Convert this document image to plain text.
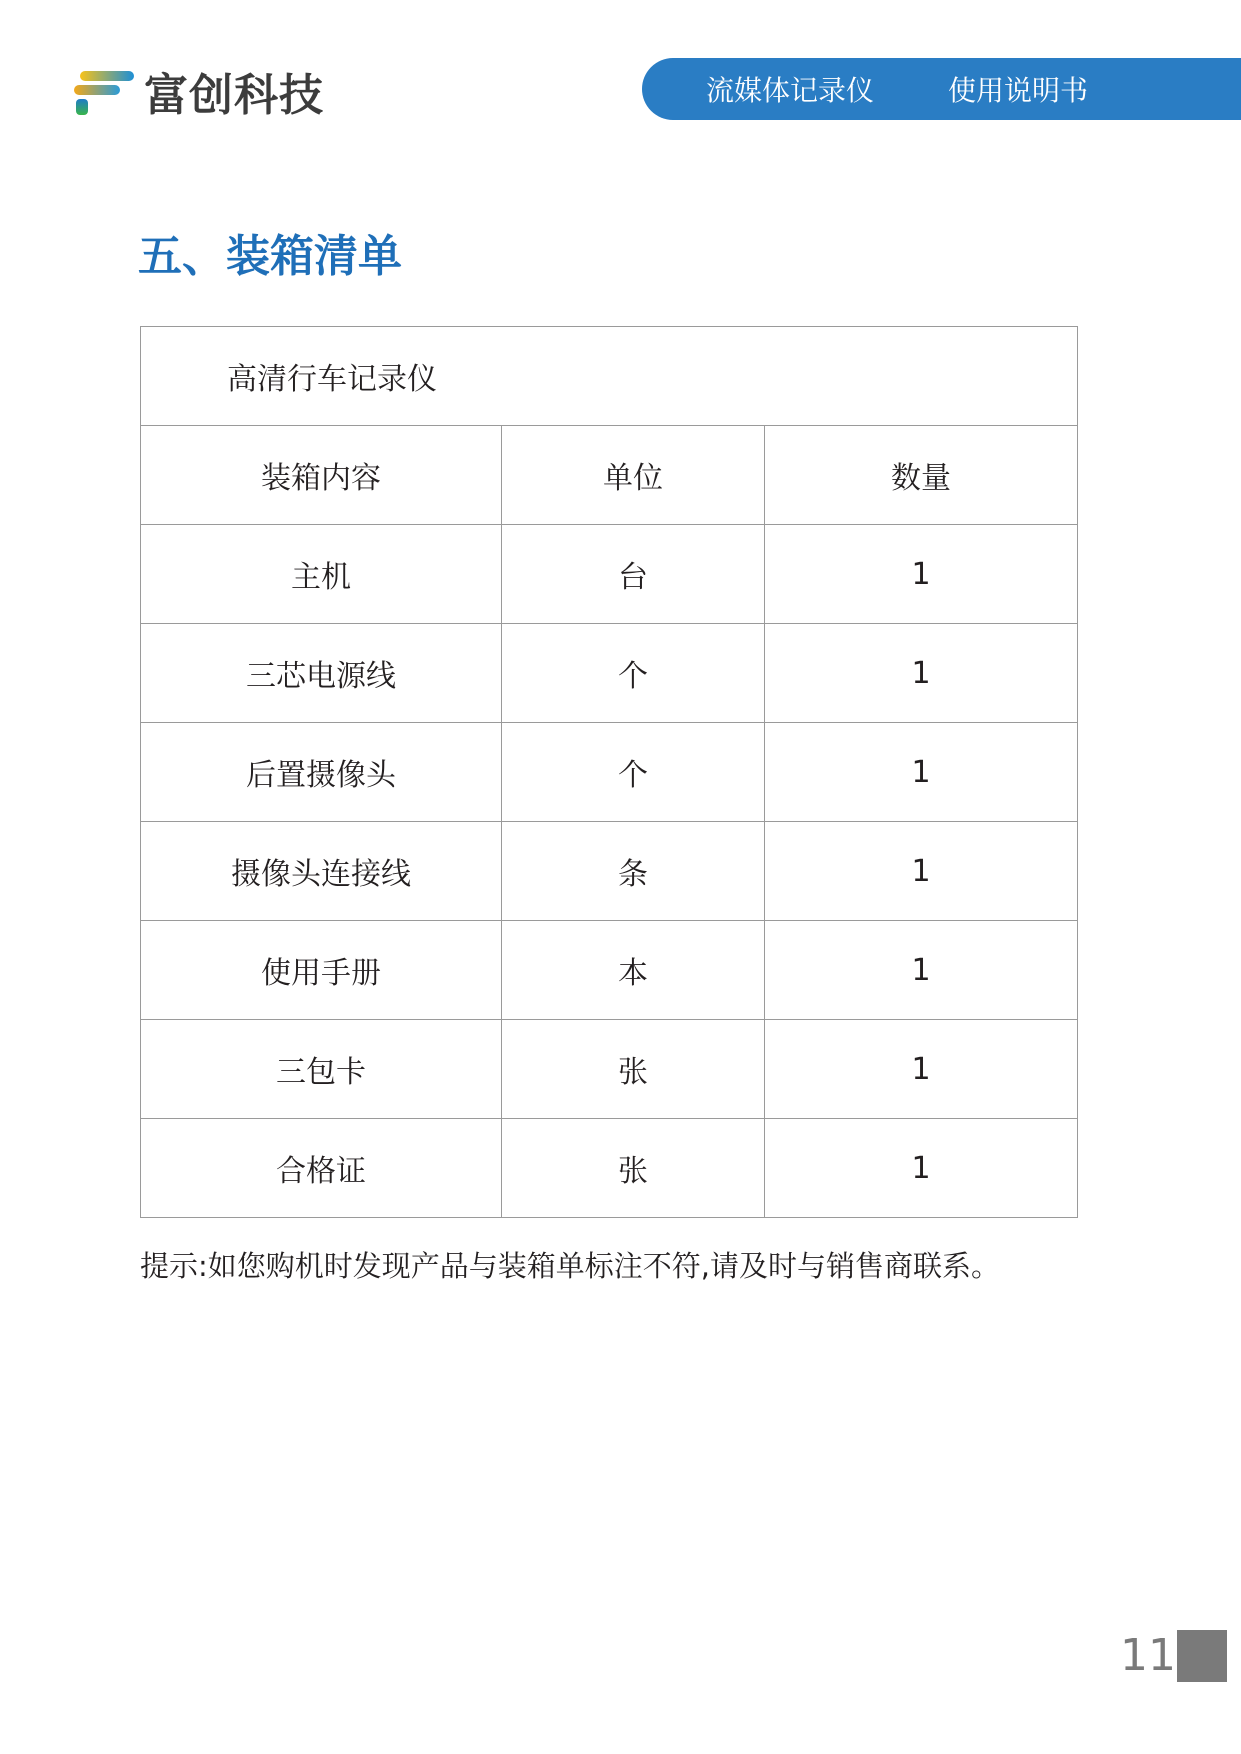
富创科技	流媒体记录仪	使用说明书
五、装箱清单
高清行车记录仪		
装箱内容	单位	数量
主机	台	1
三芯电源线	个	1
后置摄像头	个	1
摄像头连接线	条	1
使用手册	本	1
三包卡	张	1
合格证	张	1
提示:如您购机时发现产品与装箱单标注不符,请及时与销售商联系。
11
